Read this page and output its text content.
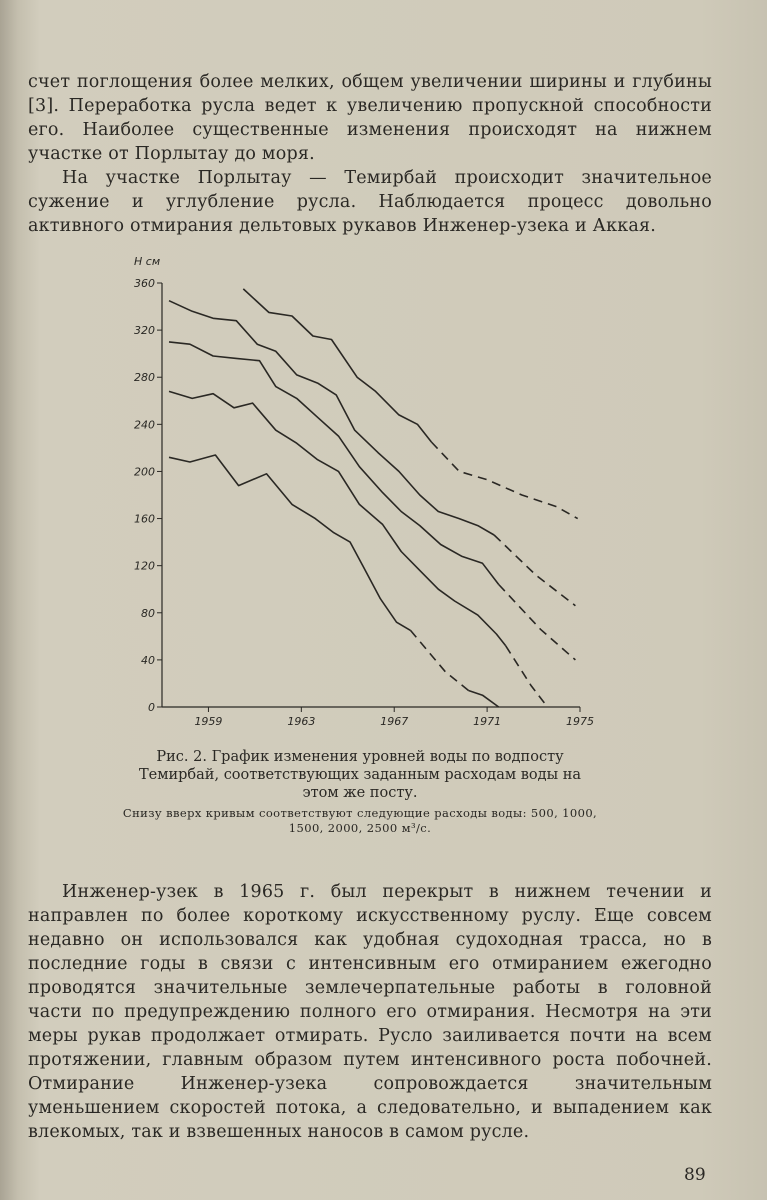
счет поглощения более мелких, общем увеличении ширины и глубины [3]. Переработка русла ведет к увеличению пропускной способности его. Наиболее существенные изменения происходят на нижнем участке от Порлытау до моря.

На участке Порлытау — Темирбай происходит значительное сужение и углубление русла. Наблюдается процесс довольно активного отмирания дельтовых рукавов Инженер-узека и Аккая.

Н см
0
40
80
120
160
200
240
280
320
360
1959	1963	1967	1971	1975
Рис. 2. График изменения уровней воды по водпосту Темирбай, соответствующих заданным расходам воды на этом же посту.
Снизу вверх кривым соответствуют следующие расходы воды: 500, 1000, 1500, 2000, 2500 м³/с.

Инженер-узек в 1965 г. был перекрыт в нижнем течении и направлен по более короткому искусственному руслу. Еще совсем недавно он использовался как удобная судоходная трасса, но в последние годы в связи с интенсивным его отмиранием ежегодно проводятся значительные землечерпательные работы в головной части по предупреждению полного его отмирания. Несмотря на эти меры рукав продолжает отмирать. Русло заиливается почти на всем протяжении, главным образом путем интенсивного роста побочней. Отмирание Инженер-узека сопровождается значительным уменьшением скоростей потока, а следовательно, и выпадением как влекомых, так и взвешенных наносов в самом русле.

89
